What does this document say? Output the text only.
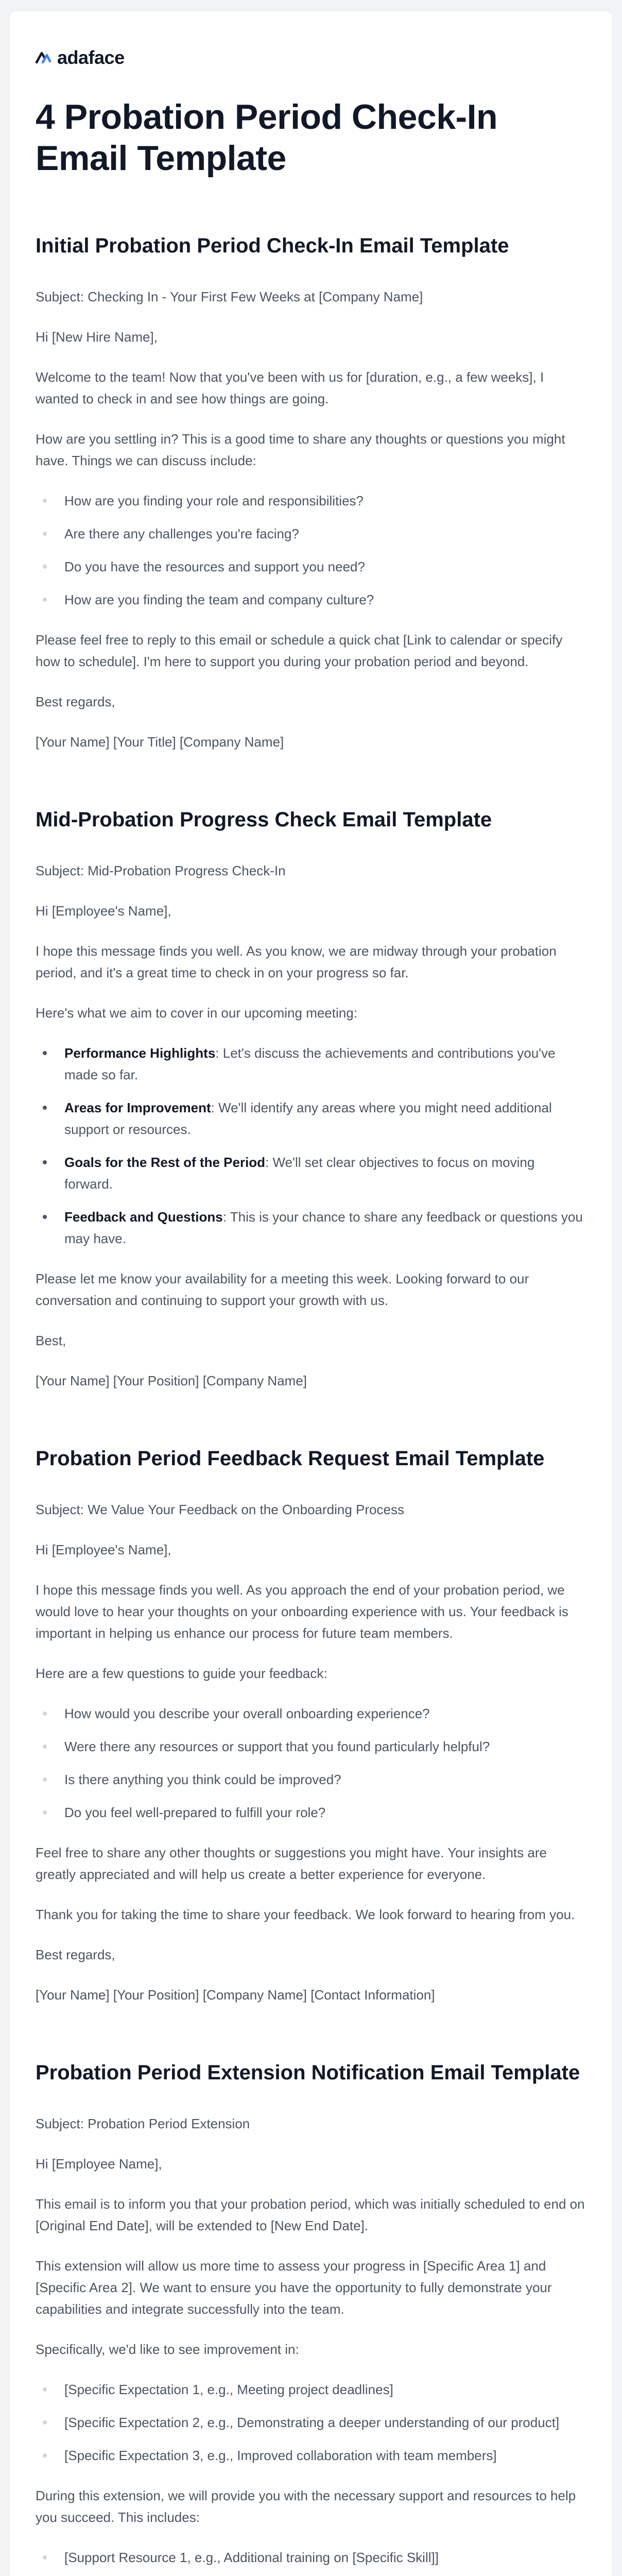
adaface
4 Probation Period Check-In Email Template
Initial Probation Period Check-In Email Template

Subject: Checking In - Your First Few Weeks at [Company Name]

Hi [New Hire Name],

Welcome to the team! Now that you've been with us for [duration, e.g., a few weeks], I wanted to check in and see how things are going.

How are you settling in? This is a good time to share any thoughts or questions you might have. Things we can discuss include:

How are you finding your role and responsibilities?
Are there any challenges you're facing?
Do you have the resources and support you need?
How are you finding the team and company culture?

Please feel free to reply to this email or schedule a quick chat [Link to calendar or specify how to schedule]. I'm here to support you during your probation period and beyond.

Best regards,

[Your Name] [Your Title] [Company Name]

Mid-Probation Progress Check Email Template

Subject: Mid-Probation Progress Check-In

Hi [Employee's Name],

I hope this message finds you well. As you know, we are midway through your probation period, and it's a great time to check in on your progress so far.

Here's what we aim to cover in our upcoming meeting:

Performance Highlights: Let's discuss the achievements and contributions you've made so far.
Areas for Improvement: We'll identify any areas where you might need additional support or resources.
Goals for the Rest of the Period: We'll set clear objectives to focus on moving forward.
Feedback and Questions: This is your chance to share any feedback or questions you may have.

Please let me know your availability for a meeting this week. Looking forward to our conversation and continuing to support your growth with us.

Best,

[Your Name] [Your Position] [Company Name]

Probation Period Feedback Request Email Template

Subject: We Value Your Feedback on the Onboarding Process

Hi [Employee's Name],

I hope this message finds you well. As you approach the end of your probation period, we would love to hear your thoughts on your onboarding experience with us. Your feedback is important in helping us enhance our process for future team members.

Here are a few questions to guide your feedback:

How would you describe your overall onboarding experience?
Were there any resources or support that you found particularly helpful?
Is there anything you think could be improved?
Do you feel well-prepared to fulfill your role?

Feel free to share any other thoughts or suggestions you might have. Your insights are greatly appreciated and will help us create a better experience for everyone.

Thank you for taking the time to share your feedback. We look forward to hearing from you.

Best regards,

[Your Name] [Your Position] [Company Name] [Contact Information]

Probation Period Extension Notification Email Template

Subject: Probation Period Extension

Hi [Employee Name],

This email is to inform you that your probation period, which was initially scheduled to end on [Original End Date], will be extended to [New End Date].

This extension will allow us more time to assess your progress in [Specific Area 1] and [Specific Area 2]. We want to ensure you have the opportunity to fully demonstrate your capabilities and integrate successfully into the team.

Specifically, we'd like to see improvement in:

[Specific Expectation 1, e.g., Meeting project deadlines]
[Specific Expectation 2, e.g., Demonstrating a deeper understanding of our product]
[Specific Expectation 3, e.g., Improved collaboration with team members]

During this extension, we will provide you with the necessary support and resources to help you succeed. This includes:

[Support Resource 1, e.g., Additional training on [Specific Skill]]
